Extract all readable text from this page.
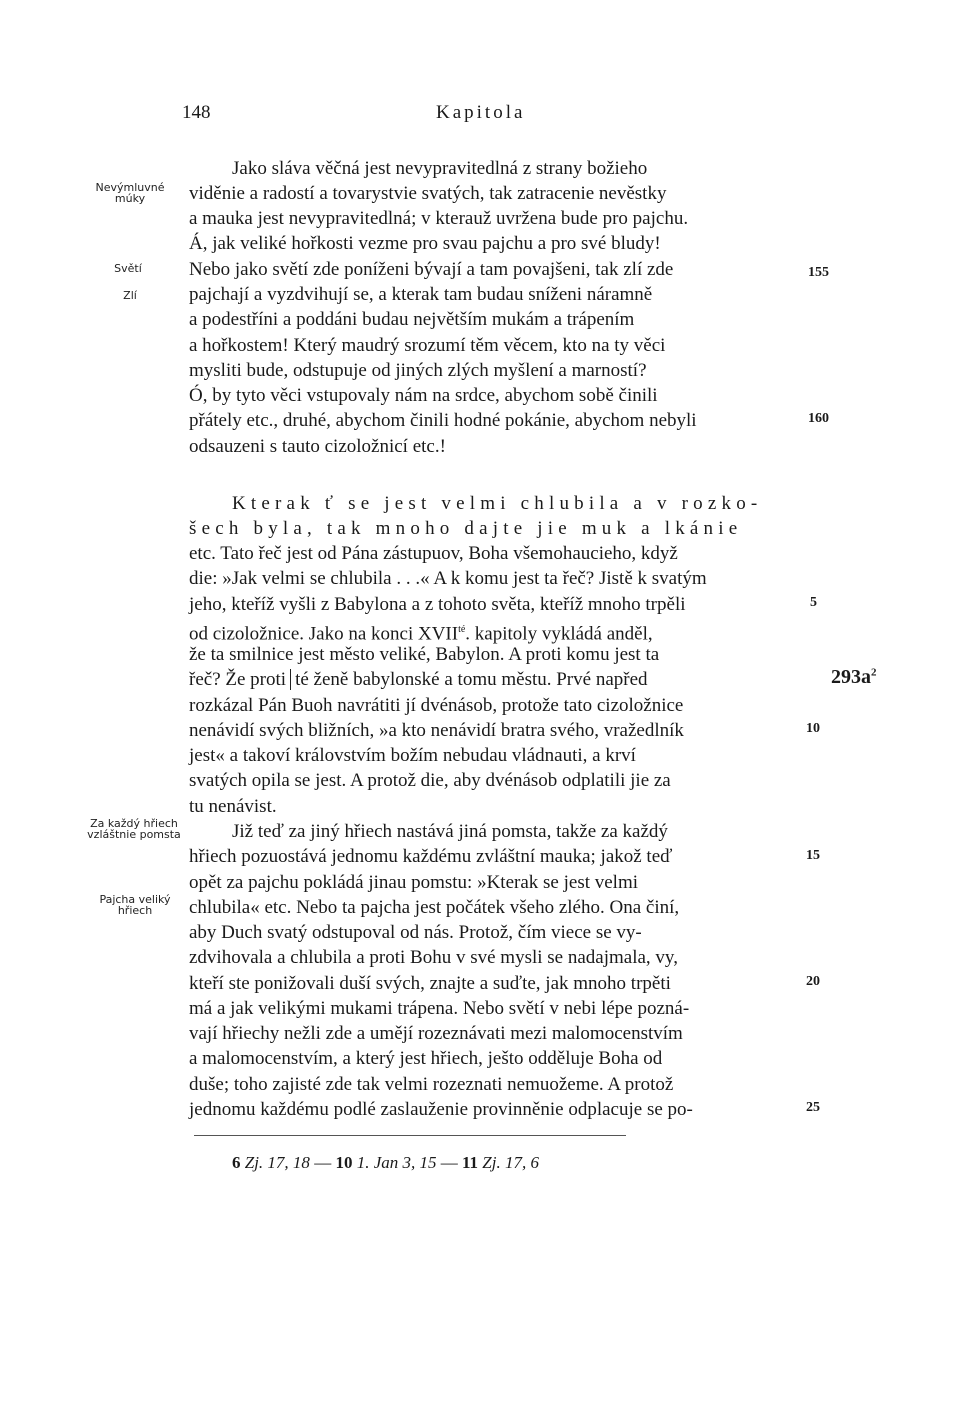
148	Kapitola
Nevýmluvné múky
Světí
Zlí
Za každý hřiech vzláštnie pomsta
Pajcha veliký hřiech
Jako sláva věčná jest nevypravitedlná z strany božieho
viděnie a radostí a tovarystvie svatých, tak zatracenie nevěstky
a mauka jest nevypravitedlná; v kterauž uvržena bude pro pajchu.
Á, jak veliké hořkosti vezme pro svau pajchu a pro své bludy!
Nebo jako světí zde poníženi bývají a tam povajšeni, tak zlí zde
pajchají a vyzdvihují se, a kterak tam budau sníženi náramně
a podestříni a poddáni budau největším mukám a trápením
a hořkostem! Který maudrý srozumí těm věcem, kto na ty věci
mysliti bude, odstupuje od jiných zlých myšlení a marností?
Ó, by tyto věci vstupovaly nám na srdce, abychom sobě činili
přátely etc., druhé, abychom činili hodné pokánie, abychom nebyli
odsauzeni s tauto cizoložnicí etc.!
155
160
Kterak ť se jest velmi chlubila a v rozko-
šech byla, tak mnoho dajte jie muk a lkánie
etc. Tato řeč jest od Pána zástupuov, Boha všemohaucieho, když
die: »Jak velmi se chlubila . . .« A k komu jest ta řeč? Jistě k svatým
jeho, kteříž vyšli z Babylona a z tohoto světa, kteříž mnoho trpěli
od cizoložnice. Jako na konci $XVII^{té}$. kapitoly vykládá anděl,
že ta smilnice jest město veliké, Babylon. A proti komu jest ta
řeč? Že proti té ženě babylonské a tomu městu. Prvé napřed
rozkázal Pán Buoh navrátiti jí dvénásob, protože tato cizoložnice
nenávidí svých bližních, »a kto nenávidí bratra svého, vražedlník
jest« a takoví královstvím božím nebudau vládnauti, a krví
svatých opila se jest. A protož die, aby dvénásob odplatili jie za
tu nenávist.
Již teď za jiný hřiech nastává jiná pomsta, takže za každý
hřiech pozuostává jednomu každému zvláštní mauka; jakož teď
opět za pajchu pokládá jinau pomstu: »Kterak se jest velmi
chlubila« etc. Nebo ta pajcha jest počátek všeho zlého. Ona činí,
aby Duch svatý odstupoval od nás. Protož, čím viece se vy-
zdvihovala a chlubila a proti Bohu v své mysli se nadajmala, vy,
kteří ste ponižovali duší svých, znajte a suďte, jak mnoho trpěti
má a jak velikými mukami trápena. Nebo světí v nebi lépe pozná-
vají hřiechy nežli zde a umějí rozeznávati mezi malomocenstvím
a malomocenstvím, a který jest hřiech, ješto odděluje Boha od
duše; toho zajisté zde tak velmi rozeznati nemuožeme. A protož
jednomu každému podlé zaslauženie provinněnie odplacuje se po-
5
10
15
20
25
$293a^2$
6 Zj. 17, 18 — 10 1. Jan 3, 15 — 11 Zj. 17, 6
